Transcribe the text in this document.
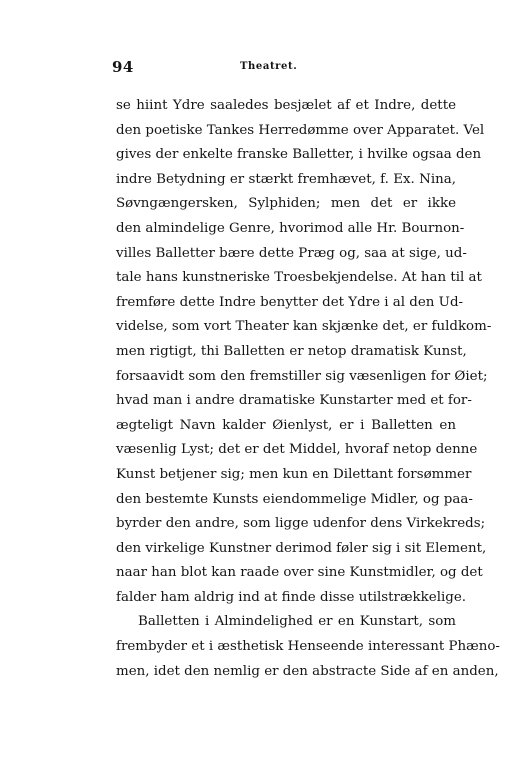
94	Theatret.
se hiint Ydre saaledes besjælet af et Indre, dette
den poetiske Tankes Herredømme over Apparatet. Vel
gives der enkelte franske Balletter, i hvilke ogsaa den
indre Betydning er stærkt fremhævet, f. Ex. Nina,
Søvngængersken, Sylphiden; men det er ikke
den almindelige Genre, hvorimod alle Hr. Bournon-
villes Balletter bære dette Præg og, saa at sige, ud-
tale hans kunstneriske Troesbekjendelse. At han til at
fremføre dette Indre benytter det Ydre i al den Ud-
videlse, som vort Theater kan skjænke det, er fuldkom-
men rigtigt, thi Balletten er netop dramatisk Kunst,
forsaavidt som den fremstiller sig væsenligen for Øiet;
hvad man i andre dramatiske Kunstarter med et for-
ægteligt Navn kalder Øienlyst, er i Balletten en
væsenlig Lyst; det er det Middel, hvoraf netop denne
Kunst betjener sig; men kun en Dilettant forsømmer
den bestemte Kunsts eiendommelige Midler, og paa-
byrder den andre, som ligge udenfor dens Virkekreds;
den virkelige Kunstner derimod føler sig i sit Element,
naar han blot kan raade over sine Kunstmidler, og det
falder ham aldrig ind at finde disse utilstrækkelige.
Balletten i Almindelighed er en Kunstart, som
frembyder et i æsthetisk Henseende interessant Phæno-
men, idet den nemlig er den abstracte Side af en anden,
